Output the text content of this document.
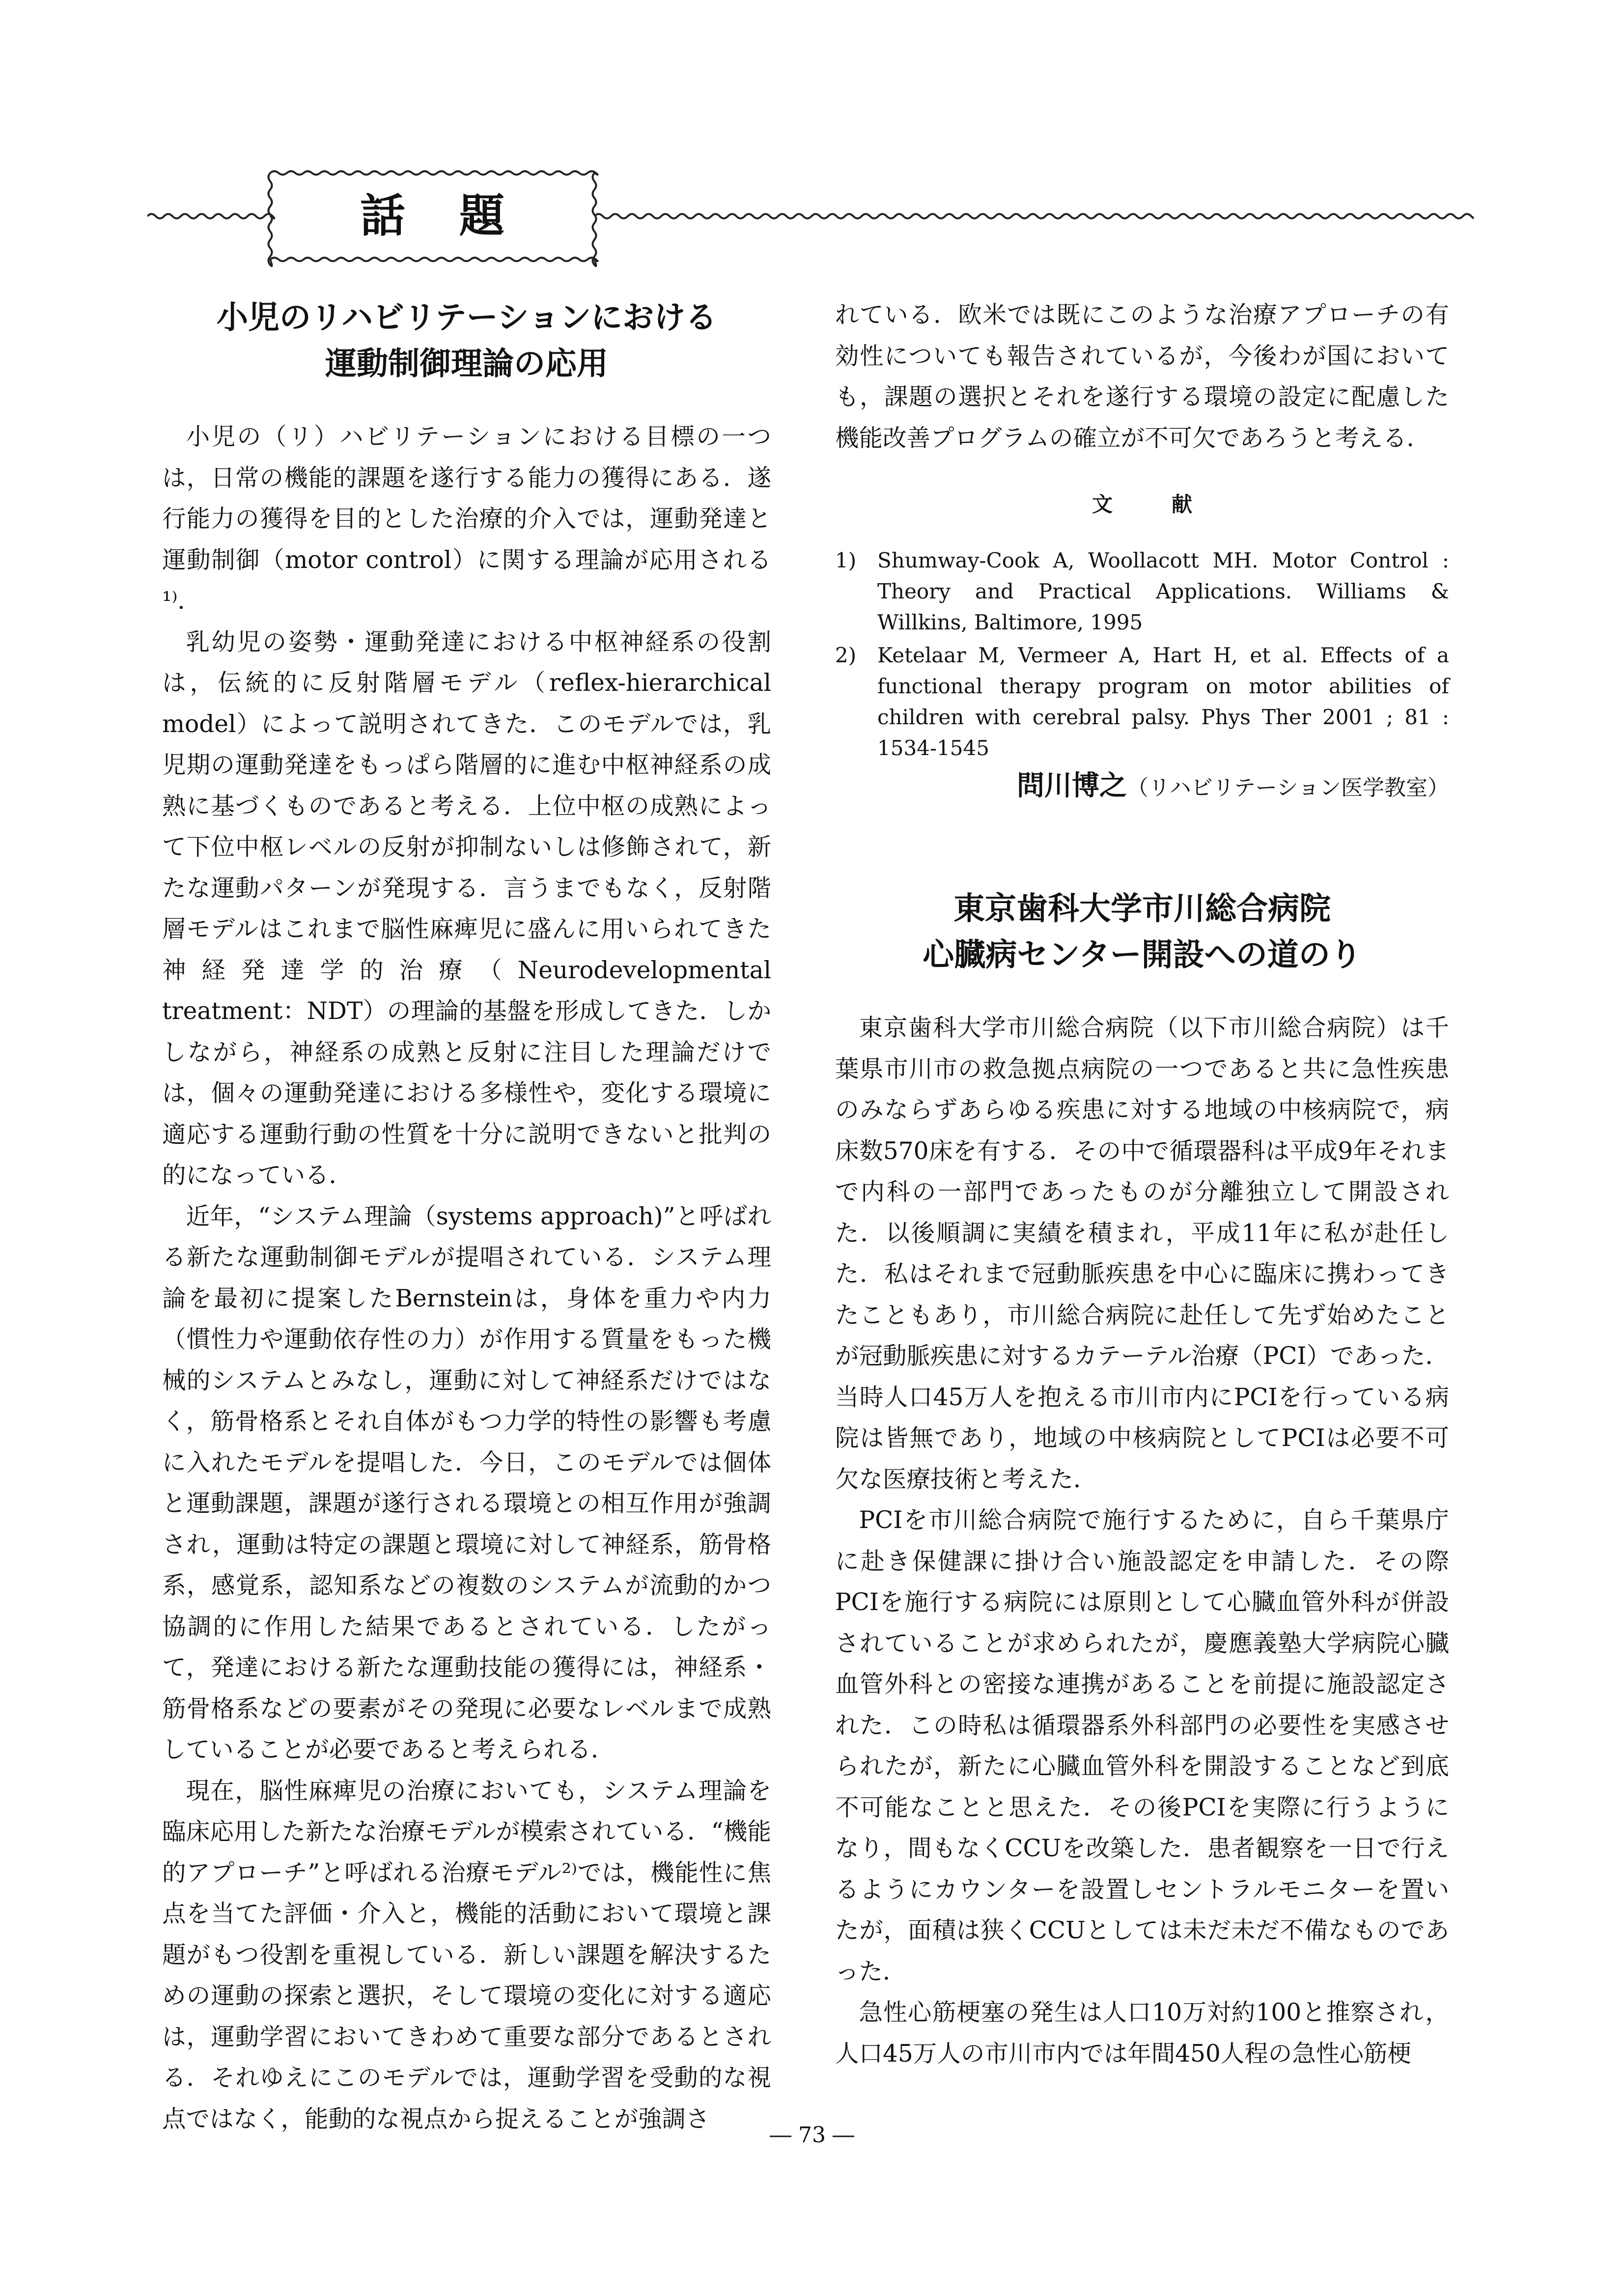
話題
小児のリハビリテーションにおける
運動制御理論の応用

小児の（リ）ハビリテーションにおける目標の一つは，日常の機能的課題を遂行する能力の獲得にある．遂行能力の獲得を目的とした治療的介入では，運動発達と運動制御（motor control）に関する理論が応用される¹⁾．

乳幼児の姿勢・運動発達における中枢神経系の役割は，伝統的に反射階層モデル（reflex-hierarchical model）によって説明されてきた．このモデルでは，乳児期の運動発達をもっぱら階層的に進む中枢神経系の成熟に基づくものであると考える．上位中枢の成熟によって下位中枢レベルの反射が抑制ないしは修飾されて，新たな運動パターンが発現する．言うまでもなく，反射階層モデルはこれまで脳性麻痺児に盛んに用いられてきた神経発達学的治療（Neurodevelopmental treatment：NDT）の理論的基盤を形成してきた．しかしながら，神経系の成熟と反射に注目した理論だけでは，個々の運動発達における多様性や，変化する環境に適応する運動行動の性質を十分に説明できないと批判の的になっている．

近年，“システム理論（systems approach)”と呼ばれる新たな運動制御モデルが提唱されている．システム理論を最初に提案したBernsteinは，身体を重力や内力（慣性力や運動依存性の力）が作用する質量をもった機械的システムとみなし，運動に対して神経系だけではなく，筋骨格系とそれ自体がもつ力学的特性の影響も考慮に入れたモデルを提唱した．今日，このモデルでは個体と運動課題，課題が遂行される環境との相互作用が強調され，運動は特定の課題と環境に対して神経系，筋骨格系，感覚系，認知系などの複数のシステムが流動的かつ協調的に作用した結果であるとされている．したがって，発達における新たな運動技能の獲得には，神経系・筋骨格系などの要素がその発現に必要なレベルまで成熟していることが必要であると考えられる．

現在，脳性麻痺児の治療においても，システム理論を臨床応用した新たな治療モデルが模索されている．“機能的アプローチ”と呼ばれる治療モデル²⁾では，機能性に焦点を当てた評価・介入と，機能的活動において環境と課題がもつ役割を重視している．新しい課題を解決するための運動の探索と選択，そして環境の変化に対する適応は，運動学習においてきわめて重要な部分であるとされる．それゆえにこのモデルでは，運動学習を受動的な視点ではなく，能動的な視点から捉えることが強調さ

れている．欧米では既にこのような治療アプローチの有効性についても報告されているが，今後わが国においても，課題の選択とそれを遂行する環境の設定に配慮した機能改善プログラムの確立が不可欠であろうと考える．

文献
1) Shumway-Cook A, Woollacott MH. Motor Control : Theory and Practical Applications. Williams & Willkins, Baltimore, 1995
2) Ketelaar M, Vermeer A, Hart H, et al. Effects of a functional therapy program on motor abilities of children with cerebral palsy. Phys Ther 2001 ; 81 : 1534-1545
問川博之（リハビリテーション医学教室）
東京歯科大学市川総合病院
心臓病センター開設への道のり

東京歯科大学市川総合病院（以下市川総合病院）は千葉県市川市の救急拠点病院の一つであると共に急性疾患のみならずあらゆる疾患に対する地域の中核病院で，病床数570床を有する．その中で循環器科は平成9年それまで内科の一部門であったものが分離独立して開設された．以後順調に実績を積まれ，平成11年に私が赴任した．私はそれまで冠動脈疾患を中心に臨床に携わってきたこともあり，市川総合病院に赴任して先ず始めたことが冠動脈疾患に対するカテーテル治療（PCI）であった．当時人口45万人を抱える市川市内にPCIを行っている病院は皆無であり，地域の中核病院としてPCIは必要不可欠な医療技術と考えた．

PCIを市川総合病院で施行するために，自ら千葉県庁に赴き保健課に掛け合い施設認定を申請した．その際PCIを施行する病院には原則として心臓血管外科が併設されていることが求められたが，慶應義塾大学病院心臓血管外科との密接な連携があることを前提に施設認定された．この時私は循環器系外科部門の必要性を実感させられたが，新たに心臓血管外科を開設することなど到底不可能なことと思えた．その後PCIを実際に行うようになり，間もなくCCUを改築した．患者観察を一日で行えるようにカウンターを設置しセントラルモニターを置いたが，面積は狭くCCUとしては未だ未だ不備なものであった．

急性心筋梗塞の発生は人口10万対約100と推察され，人口45万人の市川市内では年間450人程の急性心筋梗

― 73 ―
